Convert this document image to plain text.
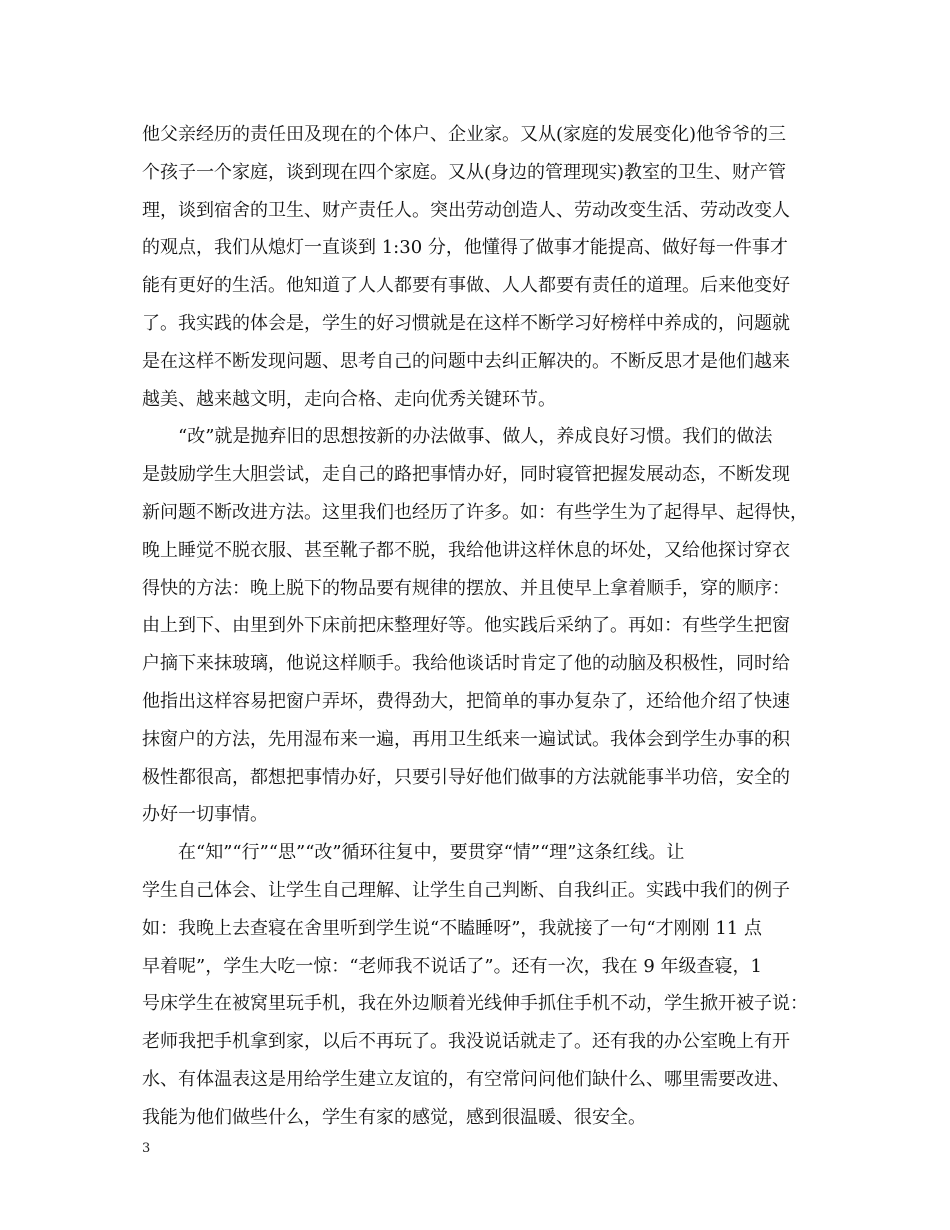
他父亲经历的责任田及现在的个体户、企业家。又从(家庭的发展变化)他爷爷的三
个孩子一个家庭，谈到现在四个家庭。又从(身边的管理现实)教室的卫生、财产管
理，谈到宿舍的卫生、财产责任人。突出劳动创造人、劳动改变生活、劳动改变人
的观点，我们从熄灯一直谈到 1:30 分，他懂得了做事才能提高、做好每一件事才
能有更好的生活。他知道了人人都要有事做、人人都要有责任的道理。后来他变好
了。我实践的体会是，学生的好习惯就是在这样不断学习好榜样中养成的，问题就
是在这样不断发现问题、思考自己的问题中去纠正解决的。不断反思才是他们越来
越美、越来越文明，走向合格、走向优秀关键环节。
“改”就是抛弃旧的思想按新的办法做事、做人，养成良好习惯。我们的做法
是鼓励学生大胆尝试，走自己的路把事情办好，同时寝管把握发展动态，不断发现
新问题不断改进方法。这里我们也经历了许多。如：有些学生为了起得早、起得快，
晚上睡觉不脱衣服、甚至靴子都不脱，我给他讲这样休息的坏处，又给他探讨穿衣
得快的方法：晚上脱下的物品要有规律的摆放、并且使早上拿着顺手，穿的顺序：
由上到下、由里到外下床前把床整理好等。他实践后采纳了。再如：有些学生把窗
户摘下来抹玻璃，他说这样顺手。我给他谈话时肯定了他的动脑及积极性，同时给
他指出这样容易把窗户弄坏，费得劲大，把简单的事办复杂了，还给他介绍了快速
抹窗户的方法，先用湿布来一遍，再用卫生纸来一遍试试。我体会到学生办事的积
极性都很高，都想把事情办好，只要引导好他们做事的方法就能事半功倍，安全的
办好一切事情。
在“知”“行”“思”“改”循环往复中，要贯穿“情”“理”这条红线。让
学生自己体会、让学生自己理解、让学生自己判断、自我纠正。实践中我们的例子
如：我晚上去查寝在舍里听到学生说“不瞌睡呀”，我就接了一句“才刚刚 11 点
早着呢”，学生大吃一惊：“老师我不说话了”。还有一次，我在 9 年级查寝，1
号床学生在被窝里玩手机，我在外边顺着光线伸手抓住手机不动，学生掀开被子说：
老师我把手机拿到家，以后不再玩了。我没说话就走了。还有我的办公室晚上有开
水、有体温表这是用给学生建立友谊的，有空常问问他们缺什么、哪里需要改进、
我能为他们做些什么，学生有家的感觉，感到很温暖、很安全。
3
